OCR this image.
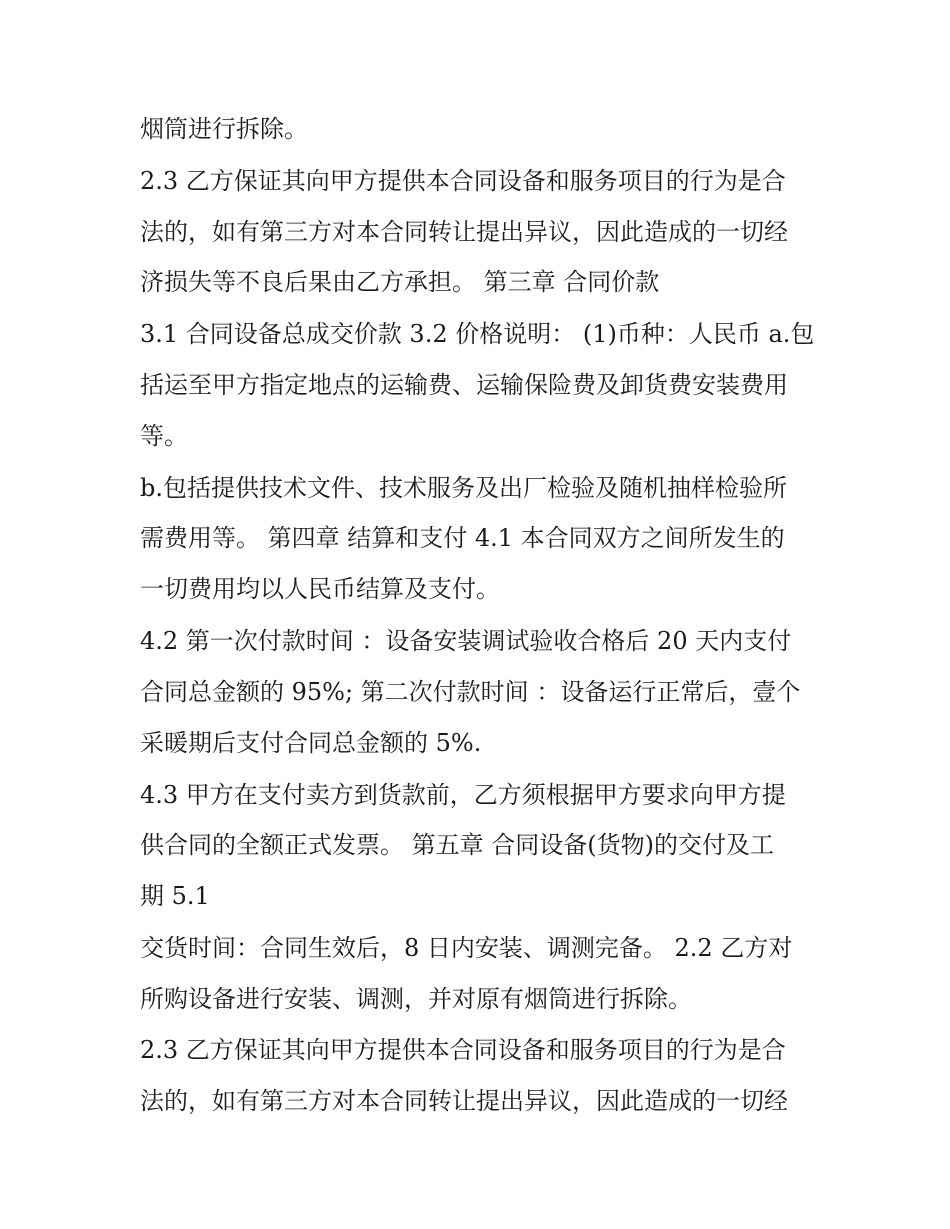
烟筒进行拆除。

2.3 乙方保证其向甲方提供本合同设备和服务项目的行为是合

法的，如有第三方对本合同转让提出异议，因此造成的一切经

济损失等不良后果由乙方承担。 第三章 合同价款

3.1 合同设备总成交价款 3.2 价格说明： (1)币种：人民币 a.包

括运至甲方指定地点的运输费、运输保险费及卸货费安装费用

等。

b.包括提供技术文件、技术服务及出厂检验及随机抽样检验所

需费用等。 第四章 结算和支付 4.1 本合同双方之间所发生的

一切费用均以人民币结算及支付。

4.2 第一次付款时间 ：设备安装调试验收合格后 20 天内支付

合同总金额的 95%; 第二次付款时间 ：设备运行正常后，壹个

采暖期后支付合同总金额的 5%.

4.3 甲方在支付卖方到货款前，乙方须根据甲方要求向甲方提

供合同的全额正式发票。 第五章 合同设备(货物)的交付及工

期 5.1

交货时间：合同生效后，8 日内安装、调测完备。 2.2 乙方对

所购设备进行安装、调测，并对原有烟筒进行拆除。

2.3 乙方保证其向甲方提供本合同设备和服务项目的行为是合

法的，如有第三方对本合同转让提出异议，因此造成的一切经
